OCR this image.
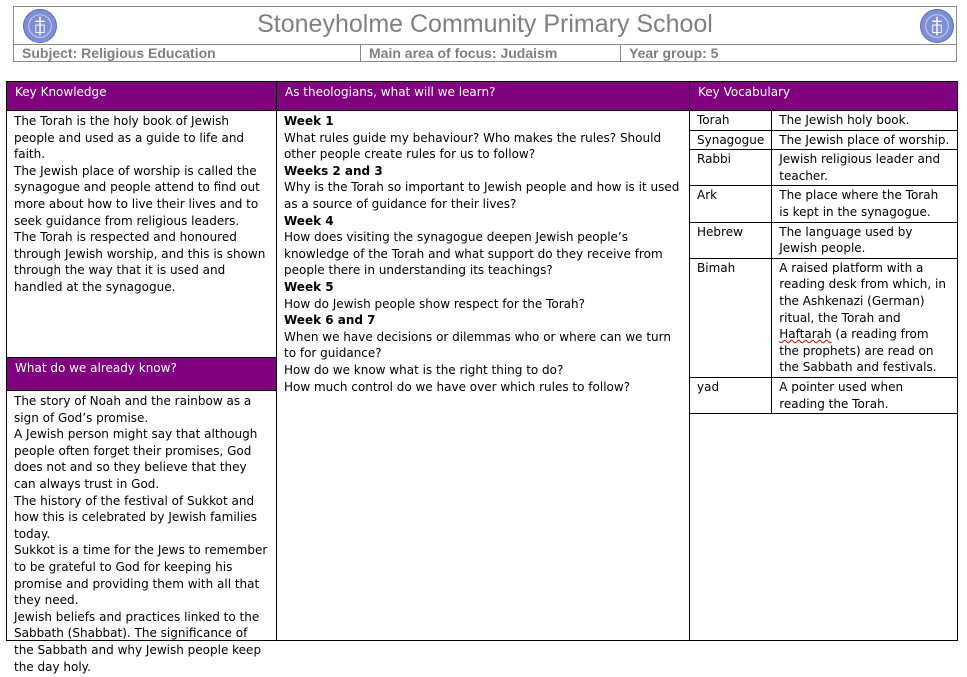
Stoneyholme Community Primary School
Subject: Religious Education	Main area of focus: Judaism	Year group: 5
Key Knowledge

The Torah is the holy book of Jewish people and used as a guide to life and faith.

The Jewish place of worship is called the synagogue and people attend to find out more about how to live their lives and to seek guidance from religious leaders.

The Torah is respected and honoured through Jewish worship, and this is shown through the way that it is used and handled at the synagogue.

What do we already know?

The story of Noah and the rainbow as a sign of God’s promise.

A Jewish person might say that although people often forget their promises, God does not and so they believe that they can always trust in God.

The history of the festival of Sukkot and how this is celebrated by Jewish families today.

Sukkot is a time for the Jews to remember to be grateful to God for keeping his promise and providing them with all that they need.

Jewish beliefs and practices linked to the Sabbath (Shabbat). The significance of the Sabbath and why Jewish people keep the day holy.

As theologians, what will we learn?

Week 1

What rules guide my behaviour? Who makes the rules? Should other people create rules for us to follow?

Weeks 2 and 3

Why is the Torah so important to Jewish people and how is it used as a source of guidance for their lives?

Week 4

How does visiting the synagogue deepen Jewish people’s knowledge of the Torah and what support do they receive from people there in understanding its teachings?

Week 5

How do Jewish people show respect for the Torah?

Week 6 and 7

When we have decisions or dilemmas who or where can we turn to for guidance?

How do we know what is the right thing to do?

How much control do we have over which rules to follow?

Key Vocabulary
Torah	The Jewish holy book.
Synagogue	The Jewish place of worship.
Rabbi	Jewish religious leader and teacher.
Ark	The place where the Torah is kept in the synagogue.
Hebrew	The language used by Jewish people.
Bimah	A raised platform with a reading desk from which, in the Ashkenazi (German) ritual, the Torah and Haftarah (a reading from the prophets) are read on the Sabbath and festivals.
yad	A pointer used when reading the Torah.
